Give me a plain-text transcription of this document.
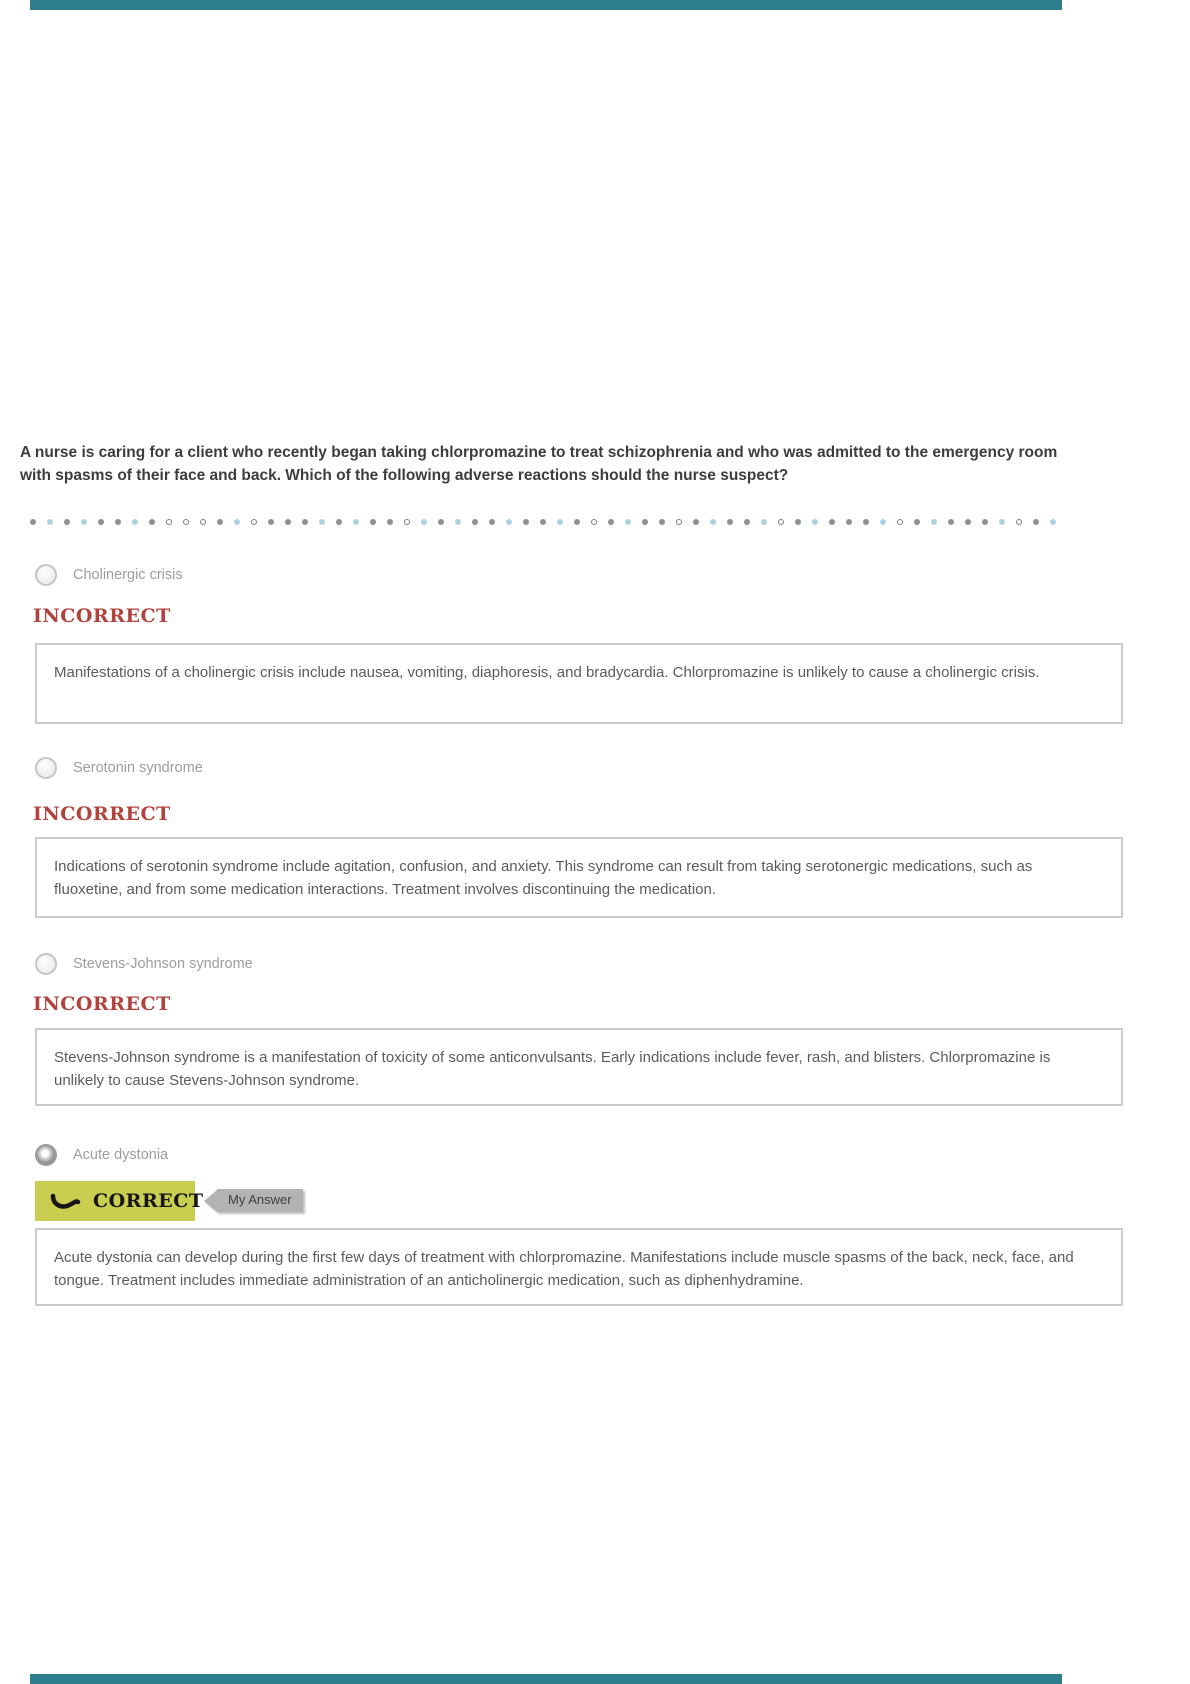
A nurse is caring for a client who recently began taking chlorpromazine to treat schizophrenia and who was admitted to the emergency room with spasms of their face and back. Which of the following adverse reactions should the nurse suspect?
Cholinergic crisis
INCORRECT
Manifestations of a cholinergic crisis include nausea, vomiting, diaphoresis, and bradycardia. Chlorpromazine is unlikely to cause a cholinergic crisis.
Serotonin syndrome
INCORRECT
Indications of serotonin syndrome include agitation, confusion, and anxiety. This syndrome can result from taking serotonergic medications, such as fluoxetine, and from some medication interactions. Treatment involves discontinuing the medication.
Stevens-Johnson syndrome
INCORRECT
Stevens-Johnson syndrome is a manifestation of toxicity of some anticonvulsants. Early indications include fever, rash, and blisters. Chlorpromazine is unlikely to cause Stevens-Johnson syndrome.
Acute dystonia
CORRECT	My Answer
Acute dystonia can develop during the first few days of treatment with chlorpromazine. Manifestations include muscle spasms of the back, neck, face, and tongue. Treatment includes immediate administration of an anticholinergic medication, such as diphenhydramine.
